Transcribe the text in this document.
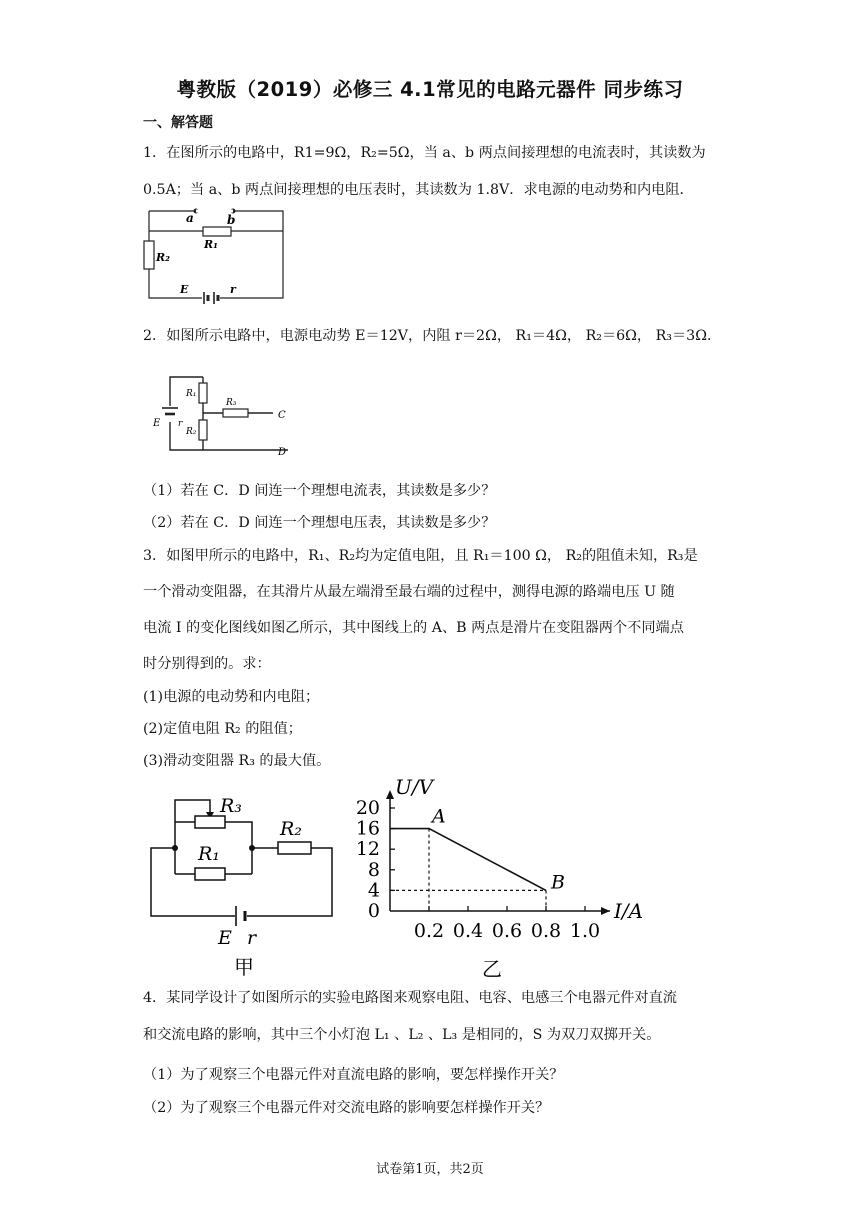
粤教版（2019）必修三 4.1常见的电路元器件 同步练习
一、解答题
1．在图所示的电路中，R1=9Ω，R₂=5Ω，当 a、b 两点间接理想的电流表时，其读数为
0.5A；当 a、b 两点间接理想的电压表时，其读数为 1.8V．求电源的电动势和内电阻．
a	b
R₁
R₂
E	r
2．如图所示电路中，电源电动势 E＝12V，内阻 r＝2Ω， R₁＝4Ω， R₂＝6Ω， R₃＝3Ω．
R₁
R₂
R₃
E r
C
D
（1）若在 C．D 间连一个理想电流表，其读数是多少？
（2）若在 C．D 间连一个理想电压表，其读数是多少？
3．如图甲所示的电路中，R₁、R₂均为定值电阻，且 R₁＝100 Ω， R₂的阻值未知，R₃是
一个滑动变阻器，在其滑片从最左端滑至最右端的过程中，测得电源的路端电压 U 随
电流 I 的变化图线如图乙所示，其中图线上的 A、B 两点是滑片在变阻器两个不同端点
时分别得到的。求：
(1)电源的电动势和内电阻；
(2)定值电阻 R₂ 的阻值；
(3)滑动变阻器 R₃ 的最大值。
R₃
R₁
R₂
E r
甲
20
16
12
8
4
0
0.2 0.4 0.6 0.8 1.0
A
B
U/V
I/A
乙
4．某同学设计了如图所示的实验电路图来观察电阻、电容、电感三个电器元件对直流
和交流电路的影响，其中三个小灯泡 L₁ 、L₂ 、L₃ 是相同的，S 为双刀双掷开关。
（1）为了观察三个电器元件对直流电路的影响，要怎样操作开关？
（2）为了观察三个电器元件对交流电路的影响要怎样操作开关？
试卷第1页，共2页
